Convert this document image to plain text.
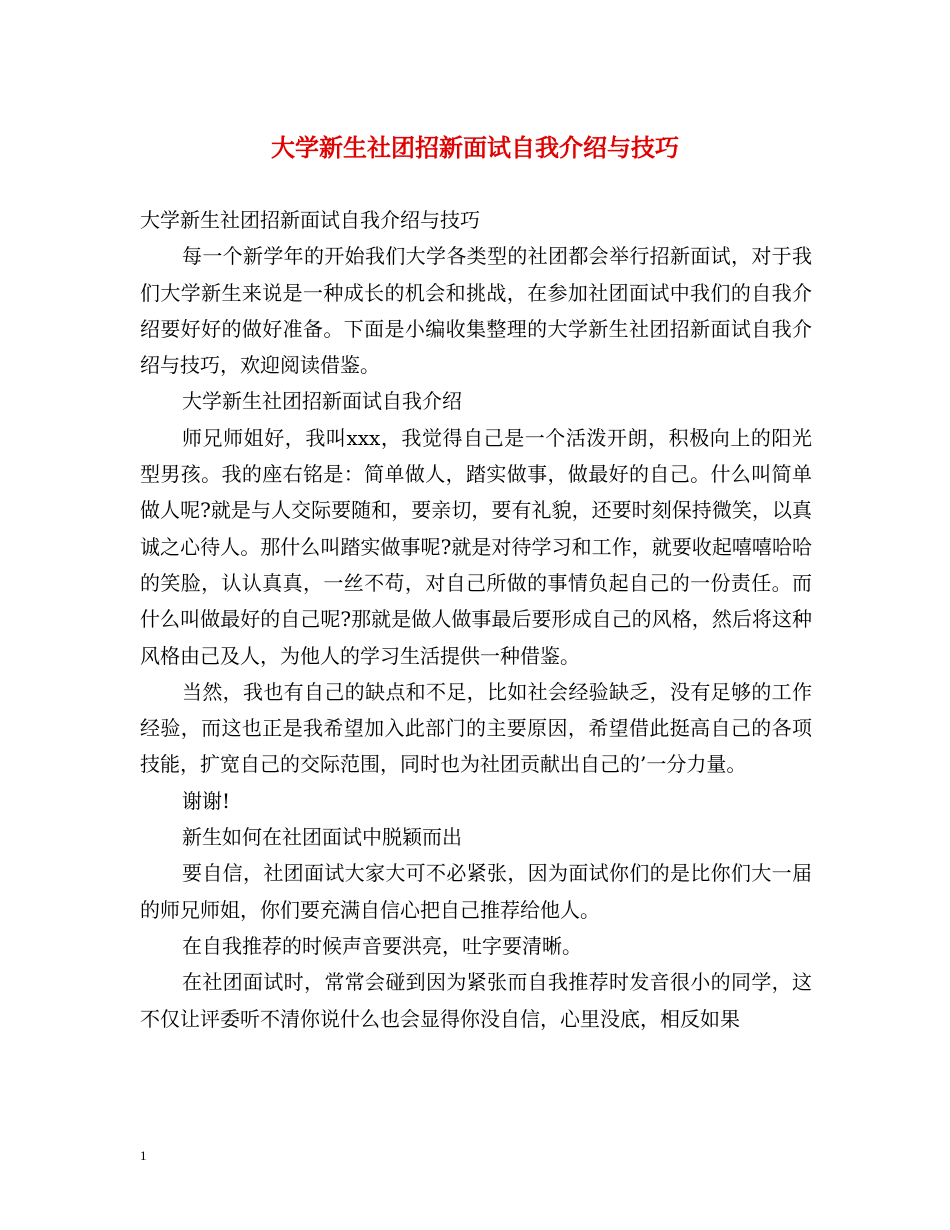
大学新生社团招新面试自我介绍与技巧

大学新生社团招新面试自我介绍与技巧

每一个新学年的开始我们大学各类型的社团都会举行招新面试，对于我们大学新生来说是一种成长的机会和挑战，在参加社团面试中我们的自我介绍要好好的做好准备。下面是小编收集整理的大学新生社团招新面试自我介绍与技巧，欢迎阅读借鉴。

大学新生社团招新面试自我介绍

师兄师姐好，我叫xxx，我觉得自己是一个活泼开朗，积极向上的阳光型男孩。我的座右铭是：简单做人，踏实做事，做最好的自己。什么叫简单做人呢?就是与人交际要随和，要亲切，要有礼貌，还要时刻保持微笑，以真诚之心待人。那什么叫踏实做事呢?就是对待学习和工作，就要收起嘻嘻哈哈的笑脸，认认真真，一丝不苟，对自己所做的事情负起自己的一份责任。而什么叫做最好的自己呢?那就是做人做事最后要形成自己的风格，然后将这种风格由己及人，为他人的学习生活提供一种借鉴。

当然，我也有自己的缺点和不足，比如社会经验缺乏，没有足够的工作经验，而这也正是我希望加入此部门的主要原因，希望借此挺高自己的各项技能，扩宽自己的交际范围，同时也为社团贡献出自己的’一分力量。

谢谢!

新生如何在社团面试中脱颖而出

要自信，社团面试大家大可不必紧张，因为面试你们的是比你们大一届的师兄师姐，你们要充满自信心把自己推荐给他人。

在自我推荐的时候声音要洪亮，吐字要清晰。

在社团面试时，常常会碰到因为紧张而自我推荐时发音很小的同学，这不仅让评委听不清你说什么也会显得你没自信，心里没底，相反如果

1
